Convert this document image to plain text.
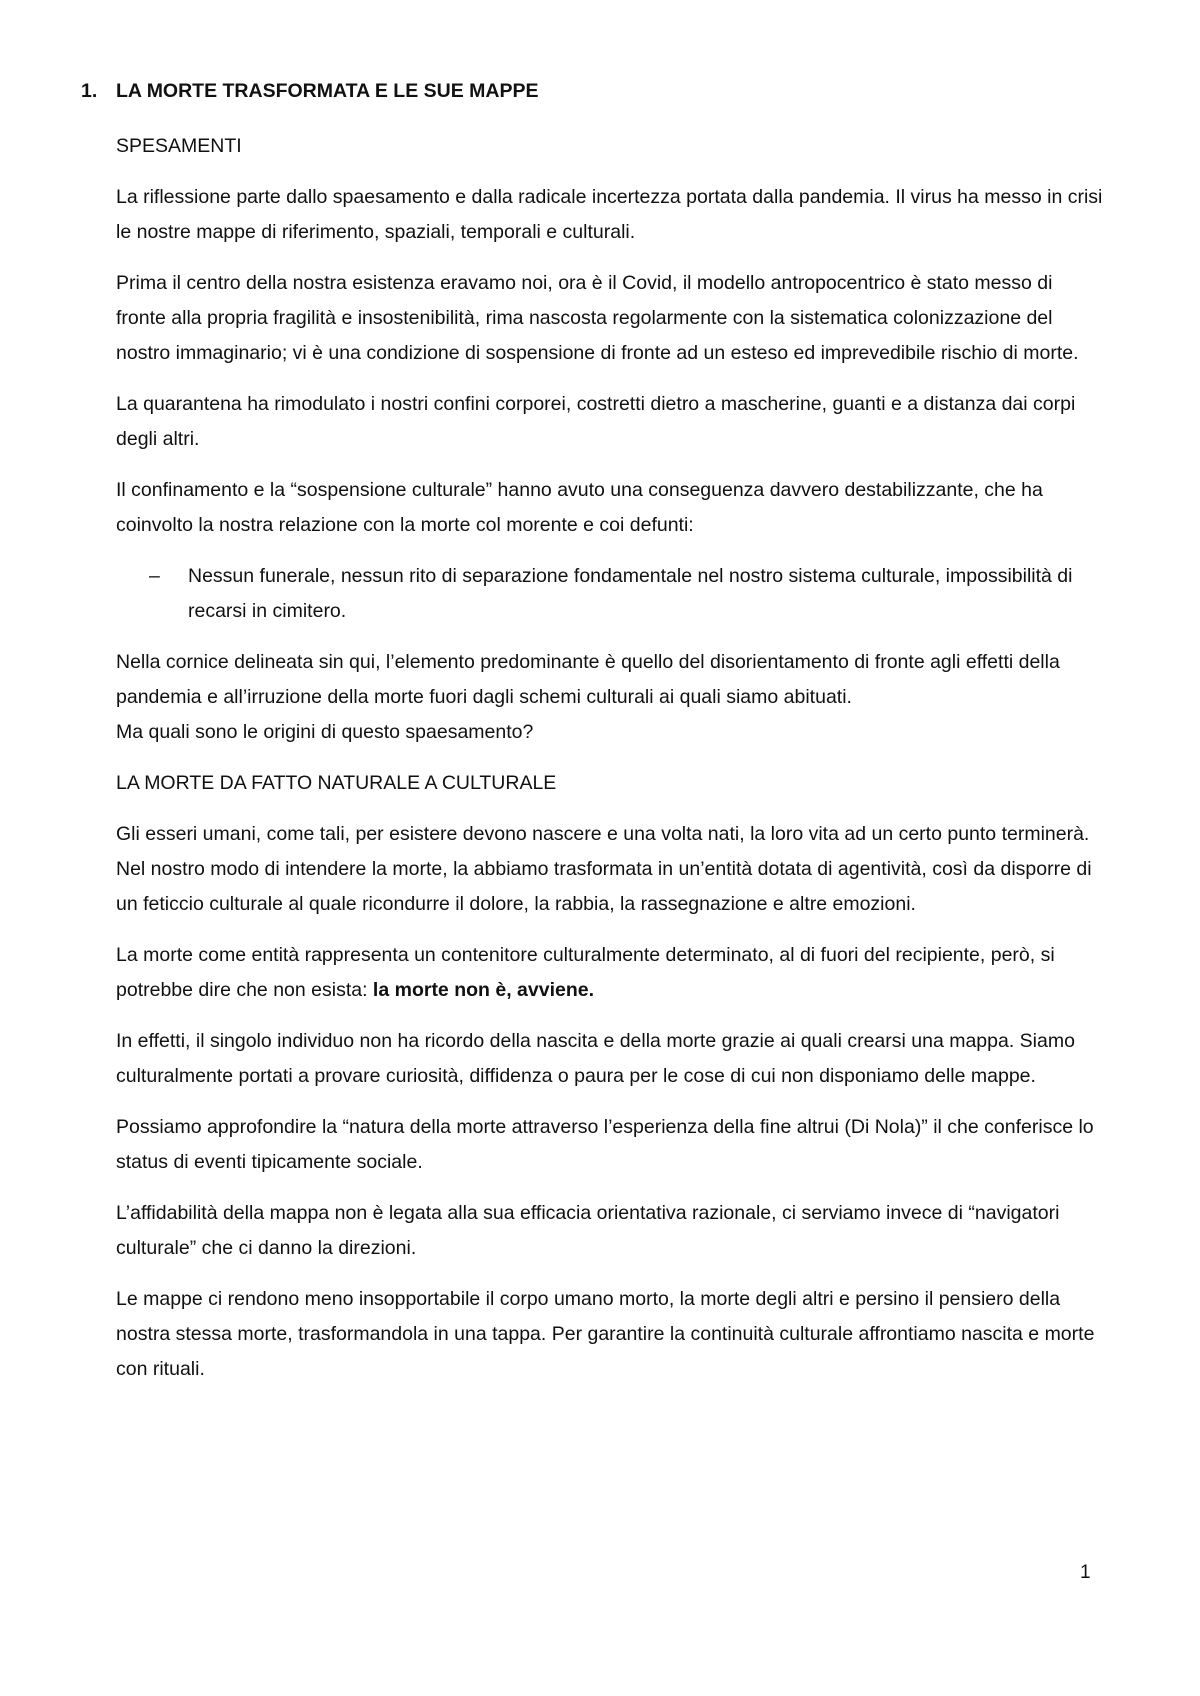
1. LA MORTE TRASFORMATA E LE SUE MAPPE
SPESAMENTI

La riflessione parte dallo spaesamento e dalla radicale incertezza portata dalla pandemia. Il virus ha messo in crisi le nostre mappe di riferimento, spaziali, temporali e culturali.

Prima il centro della nostra esistenza eravamo noi, ora è il Covid, il modello antropocentrico è stato messo di fronte alla propria fragilità e insostenibilità, rima nascosta regolarmente con la sistematica colonizzazione del nostro immaginario; vi è una condizione di sospensione di fronte ad un esteso ed imprevedibile rischio di morte.

La quarantena ha rimodulato i nostri confini corporei, costretti dietro a mascherine, guanti e a distanza dai corpi degli altri.

Il confinamento e la “sospensione culturale” hanno avuto una conseguenza davvero destabilizzante, che ha coinvolto la nostra relazione con la morte col morente e coi defunti:

– Nessun funerale, nessun rito di separazione fondamentale nel nostro sistema culturale, impossibilità di recarsi in cimitero.

Nella cornice delineata sin qui, l’elemento predominante è quello del disorientamento di fronte agli effetti della pandemia e all’irruzione della morte fuori dagli schemi culturali ai quali siamo abituati.
Ma quali sono le origini di questo spaesamento?

LA MORTE DA FATTO NATURALE A CULTURALE

Gli esseri umani, come tali, per esistere devono nascere e una volta nati, la loro vita ad un certo punto terminerà. Nel nostro modo di intendere la morte, la abbiamo trasformata in un’entità dotata di agentività, così da disporre di un feticcio culturale al quale ricondurre il dolore, la rabbia, la rassegnazione e altre emozioni.

La morte come entità rappresenta un contenitore culturalmente determinato, al di fuori del recipiente, però, si potrebbe dire che non esista: la morte non è, avviene.

In effetti, il singolo individuo non ha ricordo della nascita e della morte grazie ai quali crearsi una mappa. Siamo culturalmente portati a provare curiosità, diffidenza o paura per le cose di cui non disponiamo delle mappe.

Possiamo approfondire la “natura della morte attraverso l’esperienza della fine altrui (Di Nola)” il che conferisce lo status di eventi tipicamente sociale.

L’affidabilità della mappa non è legata alla sua efficacia orientativa razionale, ci serviamo invece di “navigatori culturale” che ci danno la direzioni.

Le mappe ci rendono meno insopportabile il corpo umano morto, la morte degli altri e persino il pensiero della nostra stessa morte, trasformandola in una tappa. Per garantire la continuità culturale affrontiamo nascita e morte con rituali.

1
